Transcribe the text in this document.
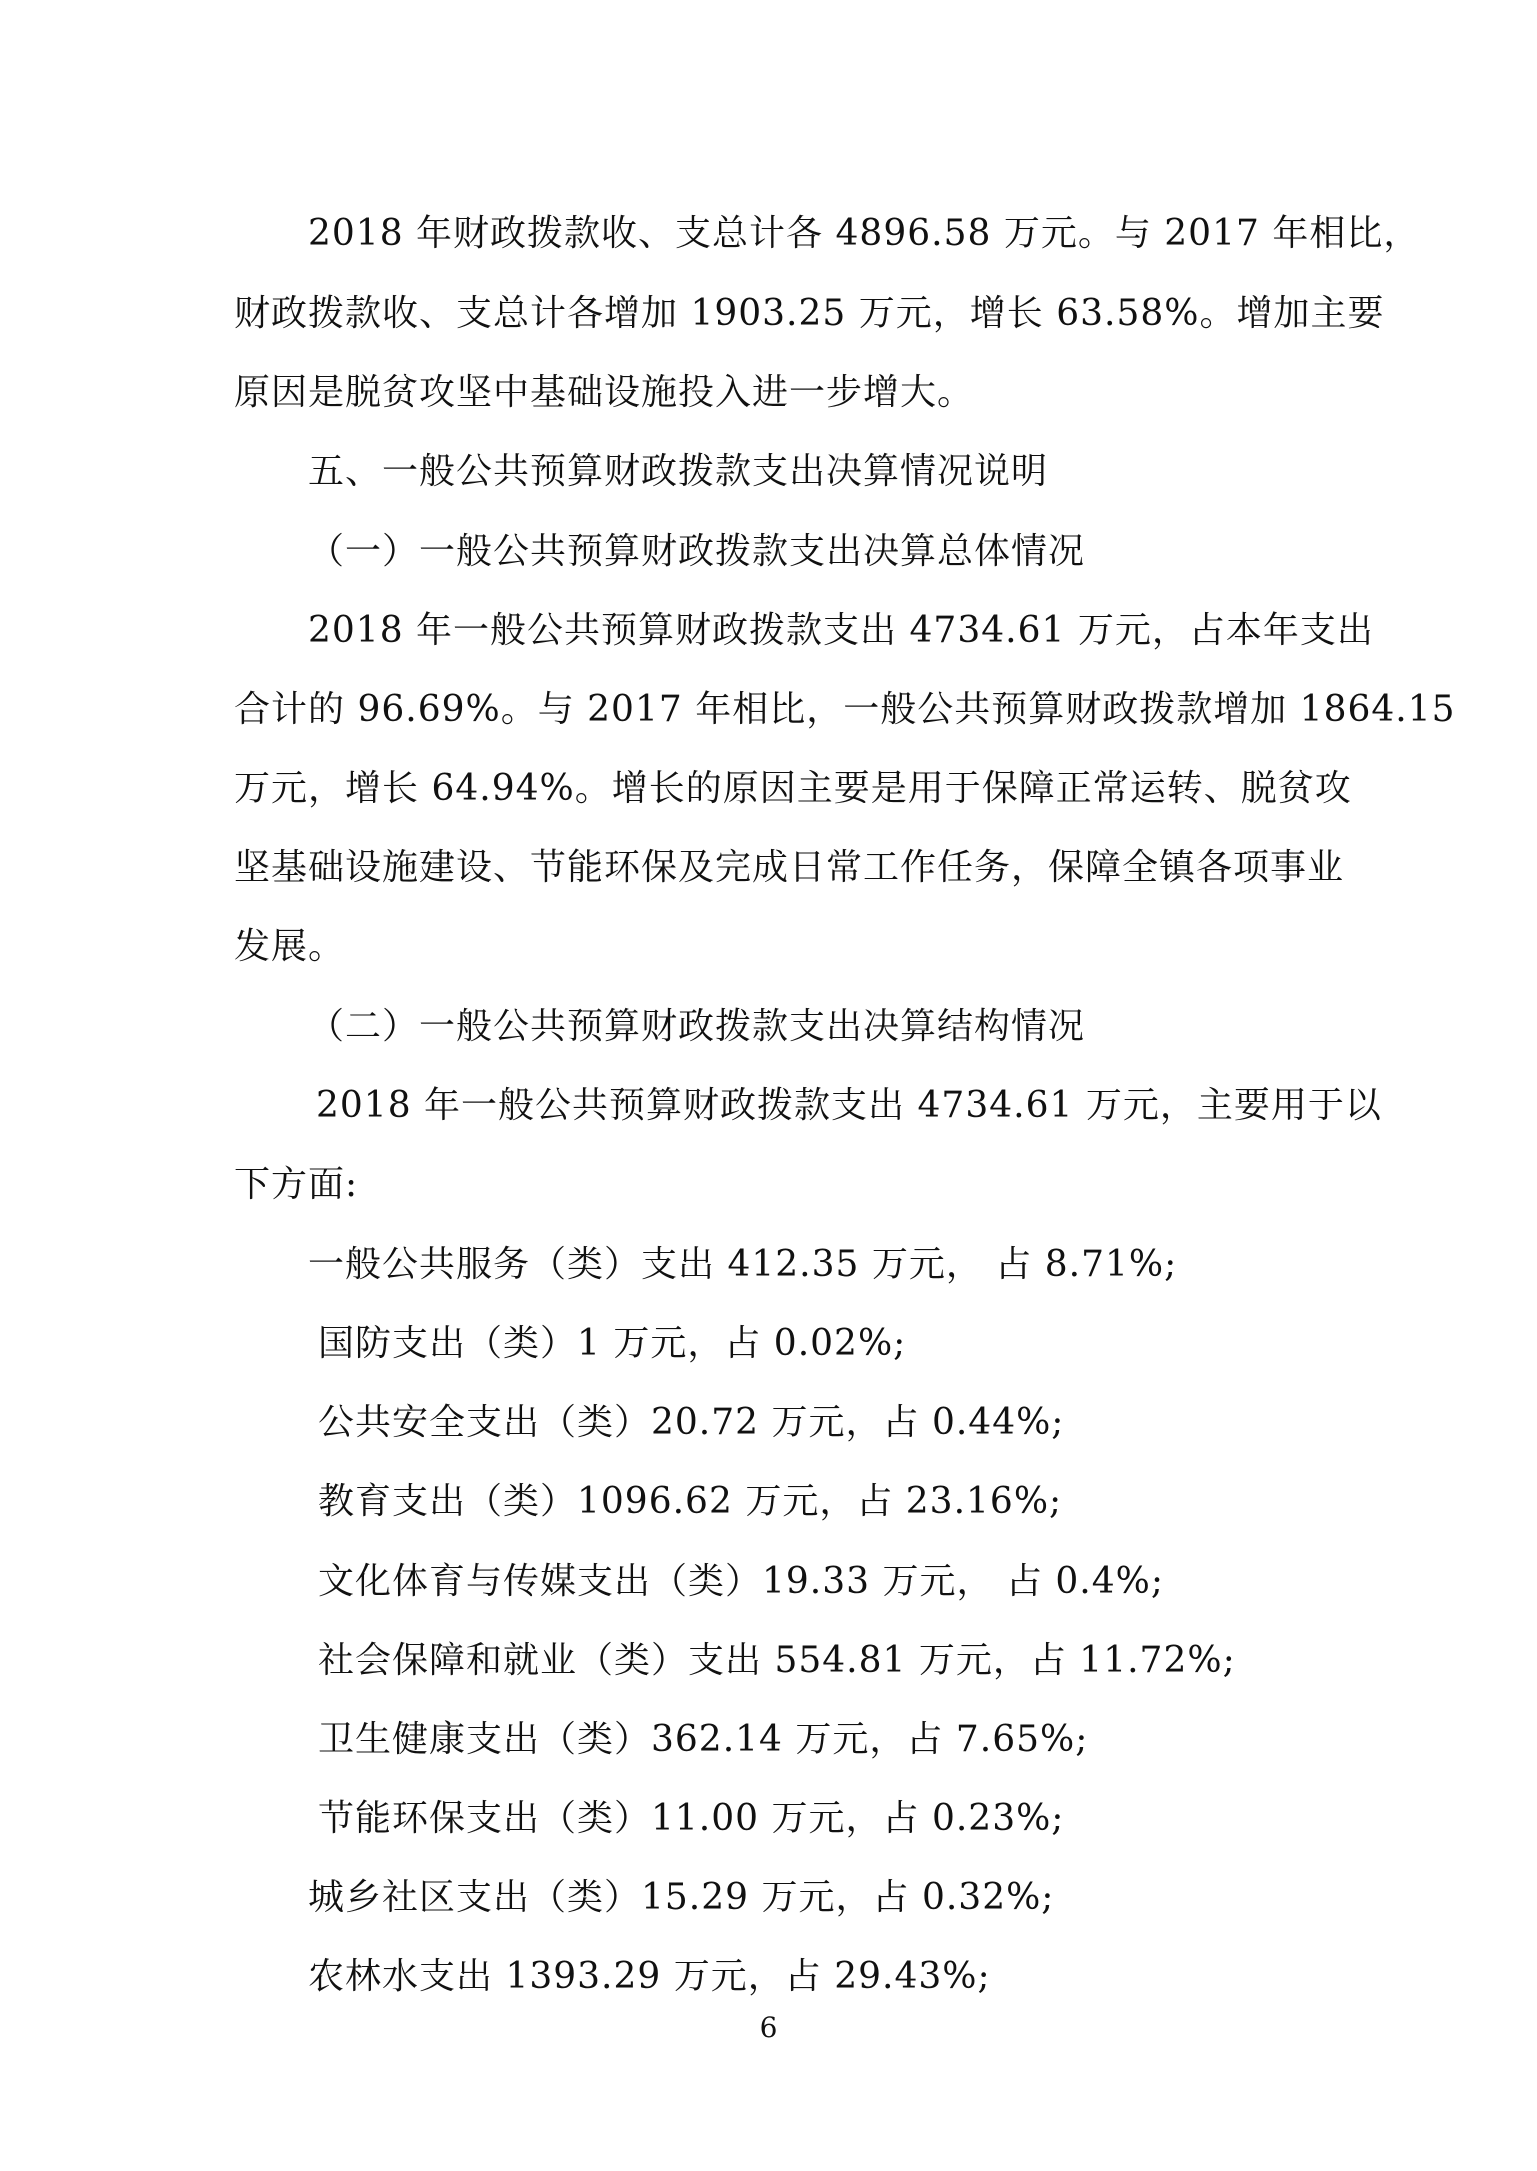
2018 年财政拨款收、支总计各 4896.58 万元。与 2017 年相比，
财政拨款收、支总计各增加 1903.25 万元，增长 63.58%。增加主要
原因是脱贫攻坚中基础设施投入进一步增大。
五、一般公共预算财政拨款支出决算情况说明
（一）一般公共预算财政拨款支出决算总体情况
2018 年一般公共预算财政拨款支出 4734.61 万元，占本年支出
合计的 96.69%。与 2017 年相比，一般公共预算财政拨款增加 1864.15
万元，增长 64.94%。增长的原因主要是用于保障正常运转、脱贫攻
坚基础设施建设、节能环保及完成日常工作任务，保障全镇各项事业
发展。
（二）一般公共预算财政拨款支出决算结构情况
2018 年一般公共预算财政拨款支出 4734.61 万元，主要用于以
下方面:
一般公共服务（类）支出 412.35 万元， 占 8.71%;
国防支出（类）1 万元，占 0.02%;
公共安全支出（类）20.72 万元，占 0.44%;
教育支出（类）1096.62 万元，占 23.16%;
文化体育与传媒支出（类）19.33 万元， 占 0.4%;
社会保障和就业（类）支出 554.81 万元，占 11.72%;
卫生健康支出（类）362.14 万元，占 7.65%;
节能环保支出（类）11.00 万元，占 0.23%;
城乡社区支出（类）15.29 万元，占 0.32%;
农林水支出 1393.29 万元，占 29.43%;
6
